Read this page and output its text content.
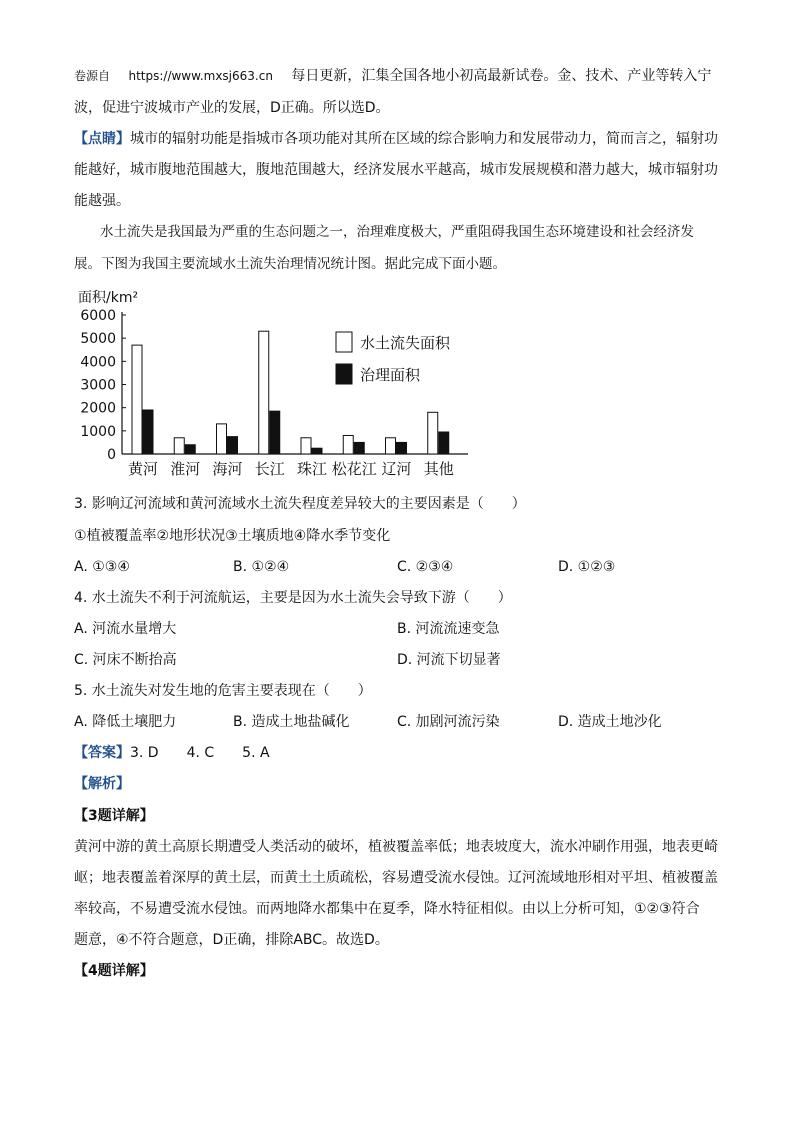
卷源自 https://www.mxsj663.cn 每日更新，汇集全国各地小初高最新试卷。金、技术、产业等转入宁
波，促进宁波城市产业的发展，D正确。所以选D。
【点睛】城市的辐射功能是指城市各项功能对其所在区域的综合影响力和发展带动力，简而言之，辐射功
能越好，城市腹地范围越大，腹地范围越大，经济发展水平越高，城市发展规模和潜力越大，城市辐射功
能越强。
水土流失是我国最为严重的生态问题之一，治理难度极大，严重阻碍我国生态环境建设和社会经济发
展。下图为我国主要流域水土流失治理情况统计图。据此完成下面小题。
面积/km²
0
1000
2000
3000
4000
5000
6000
黄河 淮河 海河 长江 珠江 松花江 辽河 其他
水土流失面积
治理面积
3. 影响辽河流域和黄河流域水土流失程度差异较大的主要因素是（　　）
①植被覆盖率②地形状况③土壤质地④降水季节变化
A. ①③④	B. ①②④	C. ②③④	D. ①②③
4. 水土流失不利于河流航运，主要是因为水土流失会导致下游（　　）
A. 河流水量增大	B. 河流流速变急
C. 河床不断抬高	D. 河流下切显著
5. 水土流失对发生地的危害主要表现在（　　）
A. 降低土壤肥力	B. 造成土地盐碱化	C. 加剧河流污染	D. 造成土地沙化
【答案】3. D　　4. C　　5. A
【解析】
【3题详解】
黄河中游的黄土高原长期遭受人类活动的破坏，植被覆盖率低；地表坡度大，流水冲刷作用强，地表更崎
岖；地表覆盖着深厚的黄土层，而黄土土质疏松，容易遭受流水侵蚀。辽河流域地形相对平坦、植被覆盖
率较高，不易遭受流水侵蚀。而两地降水都集中在夏季，降水特征相似。由以上分析可知，①②③符合
题意，④不符合题意，D正确，排除ABC。故选D。
【4题详解】
